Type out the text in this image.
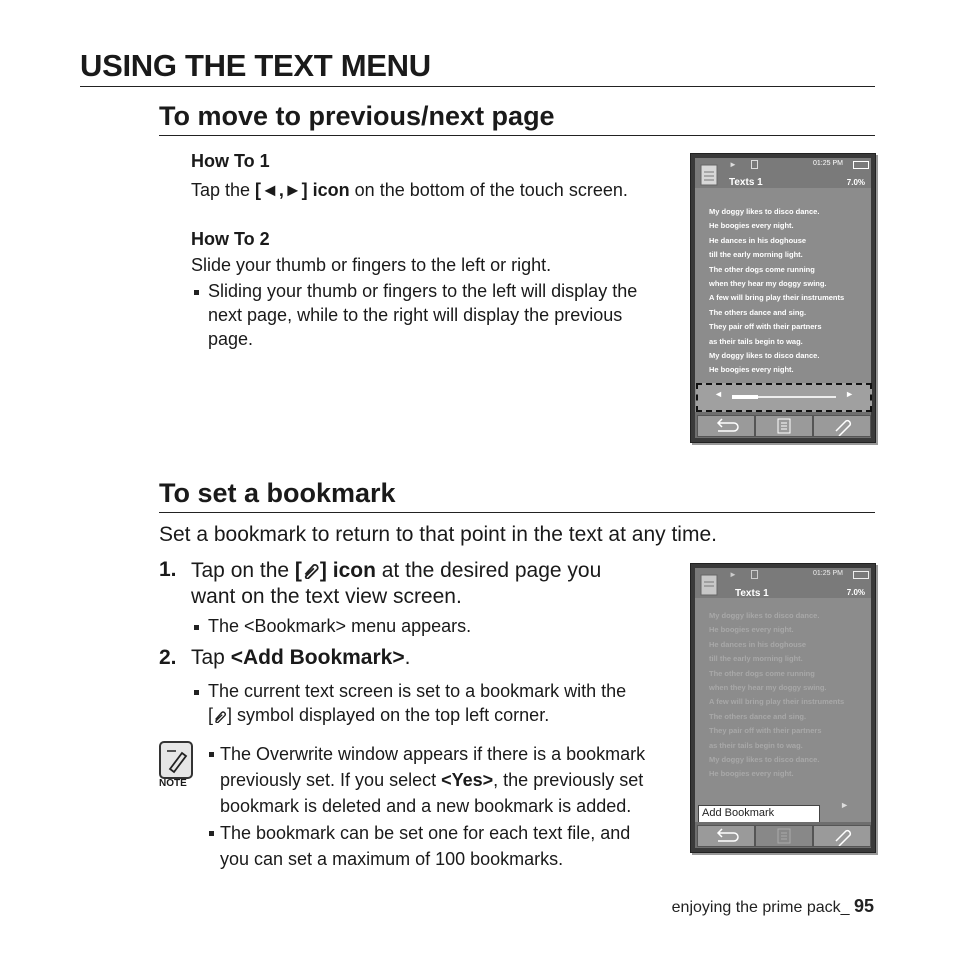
USING THE TEXT MENU
To move to previous/next page
How To 1
Tap the [◄,►] icon on the bottom of the touch screen.
How To 2
Slide your thumb or fingers to the left or right.
Sliding your thumb or fingers to the left will display the
next page, while to the right will display the previous
page.
►	01:25 PM
Texts 1	7.0%
My doggy likes to disco dance.
He boogies every night.
He dances in his doghouse
till the early morning light.
The other dogs come running
when they hear my doggy swing.
A few will bring play their instruments
The others dance and sing.
They pair off with their partners
as their tails begin to wag.
My doggy likes to disco dance.
He boogies every night.
◄	►
To set a bookmark
Set a bookmark to return to that point in the text at any time.
1. Tap on the [ ] icon at the desired page you
want on the text view screen.
The <Bookmark> menu appears.
2. Tap <Add Bookmark>.
The current text screen is set to a bookmark with the
[ ] symbol displayed on the top left corner.
NOTE
The Overwrite window appears if there is a bookmark
previously set. If you select <Yes>, the previously set
bookmark is deleted and a new bookmark is added.
The bookmark can be set one for each text file, and
you can set a maximum of 100 bookmarks.
►	01:25 PM
Texts 1	7.0%
My doggy likes to disco dance.
He boogies every night.
He dances in his doghouse
till the early morning light.
The other dogs come running
when they hear my doggy swing.
A few will bring play their instruments
The others dance and sing.
They pair off with their partners
as their tails begin to wag.
My doggy likes to disco dance.
He boogies every night.
►
Add Bookmark
enjoying the prime pack_ 95
